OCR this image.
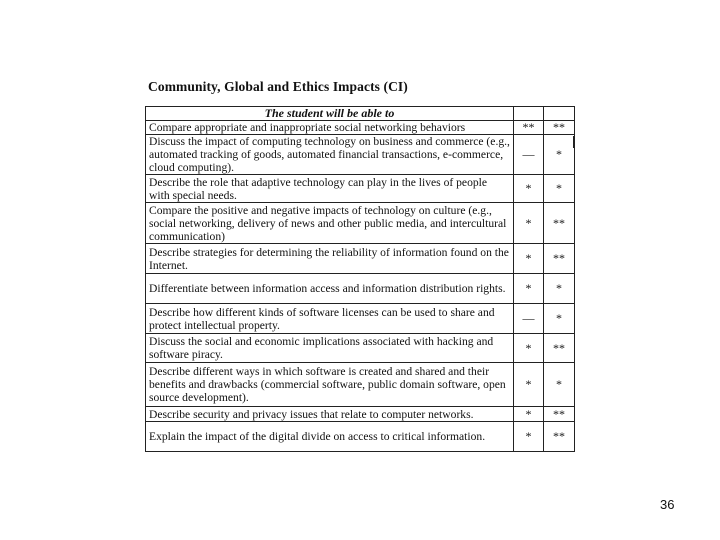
Community, Global and Ethics Impacts (CI)
The student will be able to		
Compare appropriate and inappropriate social networking behaviors	**	**
Discuss the impact of computing technology on business and commerce (e.g., automated tracking of goods, automated financial transactions, e-commerce, cloud computing).	—	*
Describe the role that adaptive technology can play in the lives of people with special needs.	*	*
Compare the positive and negative impacts of technology on culture (e.g., social networking, delivery of news and other public media, and intercultural communication)	*	**
Describe strategies for determining the reliability of information found on the Internet.	*	**
Differentiate between information access and information distribution rights.	*	*
Describe how different kinds of software licenses can be used to share and protect intellectual property.	—	*
Discuss the social and economic implications associated with hacking and software piracy.	*	**
Describe different ways in which software is created and shared and their benefits and drawbacks (commercial software, public domain software, open source development).	*	*
Describe security and privacy issues that relate to computer networks.	*	**
Explain the impact of the digital divide on access to critical information.	*	**
36
